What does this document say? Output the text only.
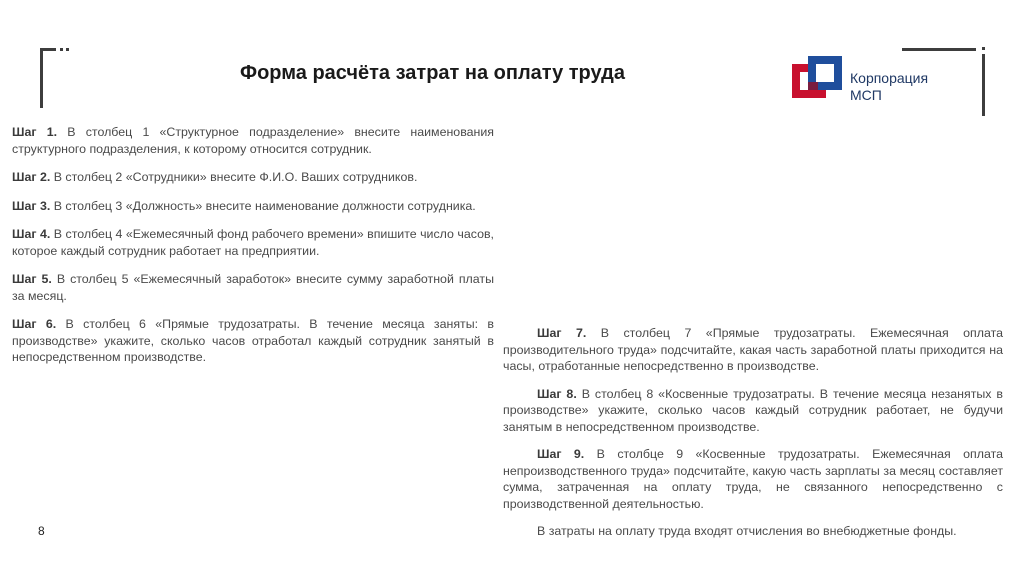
Форма расчёта затрат на оплату труда	Корпорация
МСП

Шаг 1. В столбец 1 «Структурное подразделение» внесите наименования структурного подразделения, к которому относится сотрудник.

Шаг 2. В столбец 2 «Сотрудники» внесите Ф.И.О. Ваших сотрудников.

Шаг 3. В столбец 3 «Должность» внесите наименование должности сотрудника.

Шаг 4. В столбец 4 «Ежемесячный фонд рабочего времени» впишите число часов, которое каждый сотрудник работает на предприятии.

Шаг 5. В столбец 5 «Ежемесячный заработок» внесите сумму заработной платы за месяц.

Шаг 6. В столбец 6 «Прямые трудозатраты. В течение месяца заняты: в производстве» укажите, сколько часов отработал каждый сотрудник занятый в непосредственном производстве.

Шаг 7. В столбец 7 «Прямые трудозатраты. Ежемесячная оплата производительного труда» подсчитайте, какая часть заработной платы приходится на часы, отработанные непосредственно в производстве.

Шаг 8. В столбец 8 «Косвенные трудозатраты. В течение месяца незанятых в производстве» укажите, сколько часов каждый сотрудник работает, не будучи занятым в непосредственном производстве.

Шаг 9. В столбце 9 «Косвенные трудозатраты. Ежемесячная оплата непроизводственного труда» подсчитайте, какую часть зарплаты за месяц составляет сумма, затраченная на оплату труда, не связанного непосредственно с производственной деятельностью.

В затраты на оплату труда входят отчисления во внебюджетные фонды.

8
